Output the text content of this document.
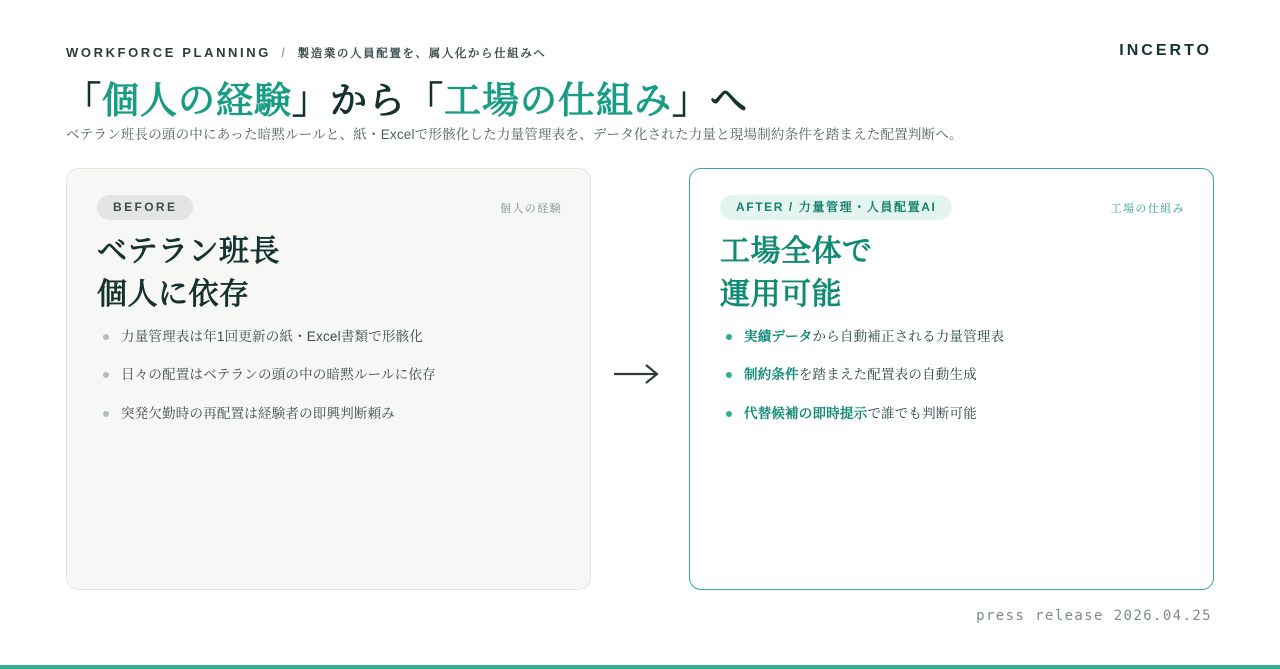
WORKFORCE PLANNING / 製造業の人員配置を、属人化から仕組みへ	INCERTO
「個人の経験」から「工場の仕組み」へ
ベテラン班長の頭の中にあった暗黙ルールと、紙・Excelで形骸化した力量管理表を、データ化された力量と現場制約条件を踏まえた配置判断へ。
BEFORE	個人の経験
ベテラン班長
個人に依存
力量管理表は年1回更新の紙・Excel書類で形骸化
日々の配置はベテランの頭の中の暗黙ルールに依存
突発欠勤時の再配置は経験者の即興判断頼み
AFTER / 力量管理・人員配置AI	工場の仕組み
工場全体で
運用可能
実績データから自動補正される力量管理表
制約条件を踏まえた配置表の自動生成
代替候補の即時提示で誰でも判断可能
press release 2026.04.25
